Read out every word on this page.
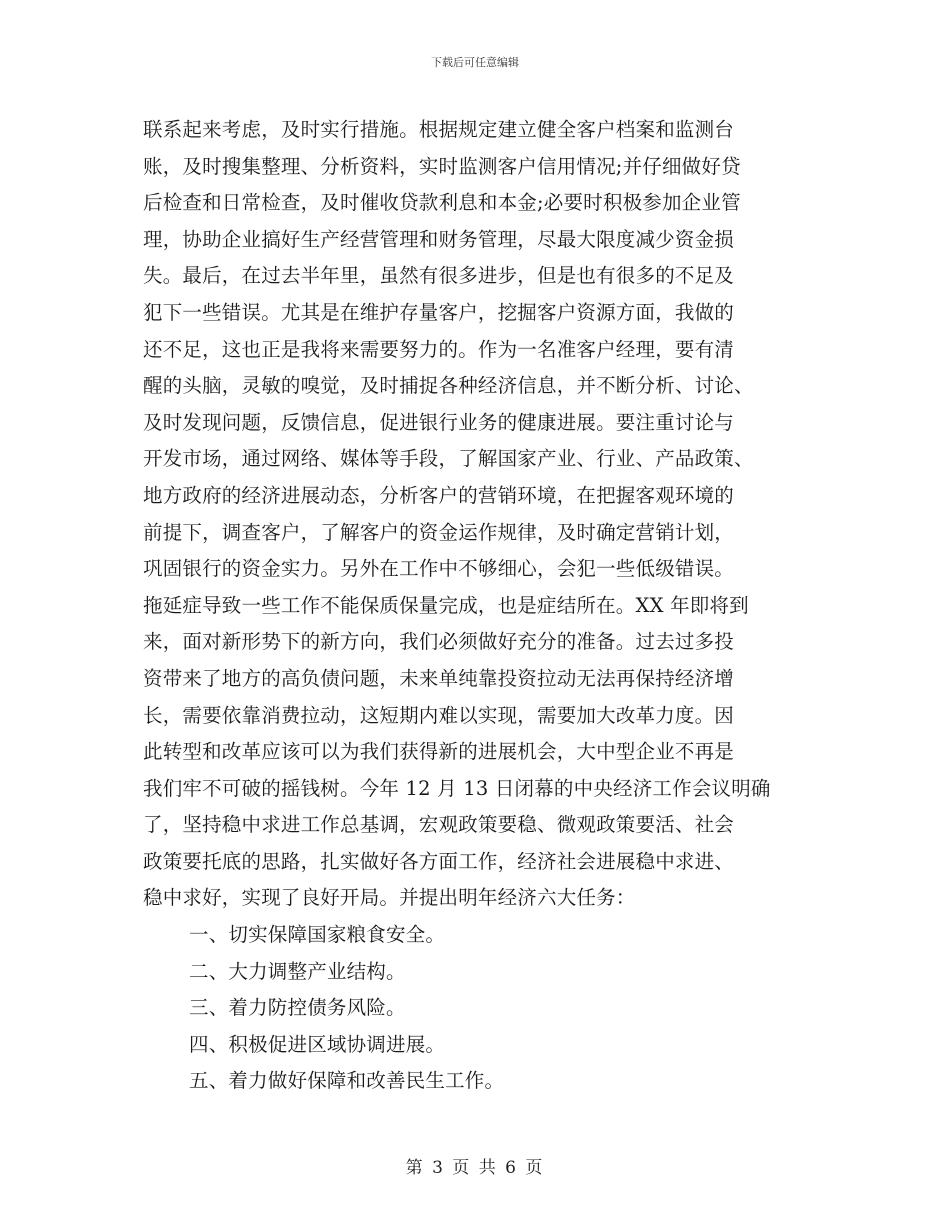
下载后可任意编辑
联系起来考虑，及时实行措施。根据规定建立健全客户档案和监测台
账，及时搜集整理、分析资料，实时监测客户信用情况;并仔细做好贷
后检查和日常检查，及时催收贷款利息和本金;必要时积极参加企业管
理，协助企业搞好生产经营管理和财务管理，尽最大限度减少资金损
失。最后，在过去半年里，虽然有很多进步，但是也有很多的不足及
犯下一些错误。尤其是在维护存量客户，挖掘客户资源方面，我做的
还不足，这也正是我将来需要努力的。作为一名准客户经理，要有清
醒的头脑，灵敏的嗅觉，及时捕捉各种经济信息，并不断分析、讨论、
及时发现问题，反馈信息，促进银行业务的健康进展。要注重讨论与
开发市场，通过网络、媒体等手段，了解国家产业、行业、产品政策、
地方政府的经济进展动态，分析客户的营销环境，在把握客观环境的
前提下，调查客户，了解客户的资金运作规律，及时确定营销计划，
巩固银行的资金实力。另外在工作中不够细心，会犯一些低级错误。
拖延症导致一些工作不能保质保量完成，也是症结所在。XX 年即将到
来，面对新形势下的新方向，我们必须做好充分的准备。过去过多投
资带来了地方的高负债问题，未来单纯靠投资拉动无法再保持经济增
长，需要依靠消费拉动，这短期内难以实现，需要加大改革力度。因
此转型和改革应该可以为我们获得新的进展机会，大中型企业不再是
我们牢不可破的摇钱树。今年 12 月 13 日闭幕的中央经济工作会议明确
了，坚持稳中求进工作总基调，宏观政策要稳、微观政策要活、社会
政策要托底的思路，扎实做好各方面工作，经济社会进展稳中求进、
稳中求好，实现了良好开局。并提出明年经济六大任务：
一、切实保障国家粮食安全。
二、大力调整产业结构。
三、着力防控债务风险。
四、积极促进区域协调进展。
五、着力做好保障和改善民生工作。
第 3 页 共 6 页
